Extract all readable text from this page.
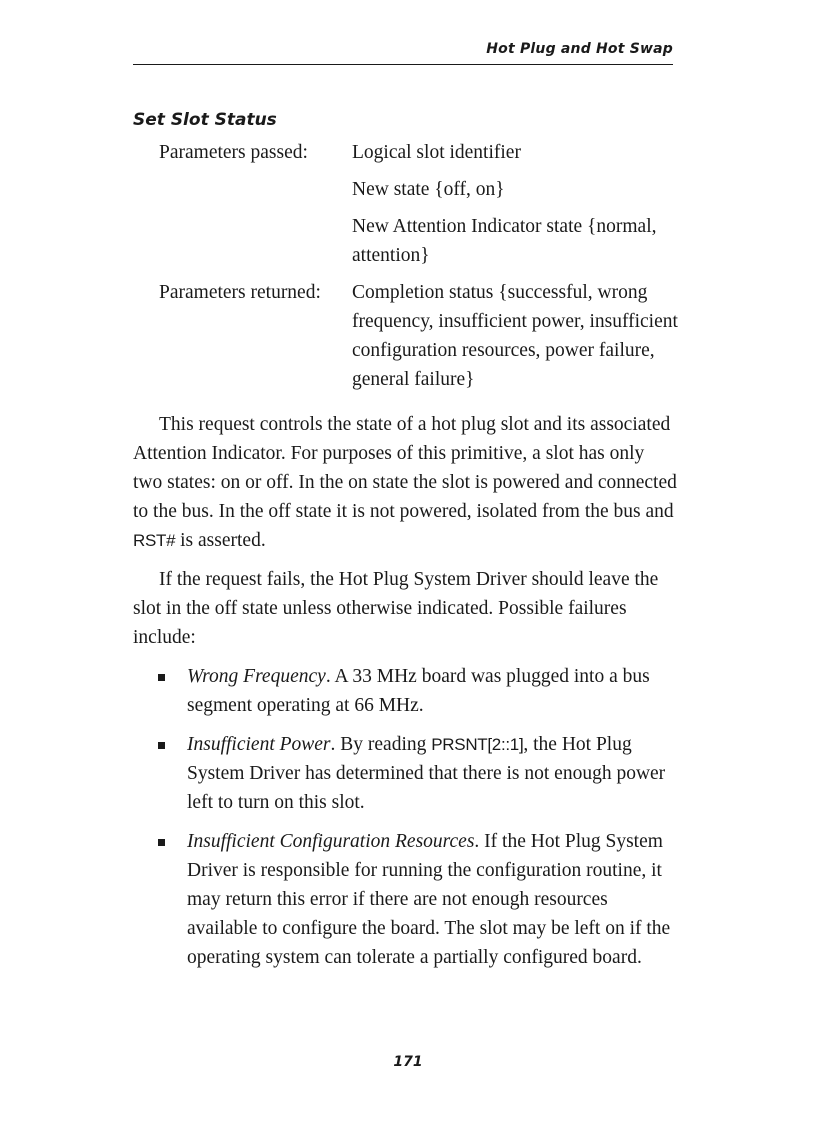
Hot Plug and Hot Swap
Set Slot Status
Parameters passed:	Logical slot identifier
New state {off, on}
New Attention Indicator state {normal, attention}
Parameters returned:	Completion status {successful, wrong frequency, insufficient power, insufficient configuration resources, power failure, general failure}

This request controls the state of a hot plug slot and its associated Attention Indicator. For purposes of this primitive, a slot has only two states: on or off. In the on state the slot is powered and connected to the bus. In the off state it is not powered, isolated from the bus and RST# is asserted.

If the request fails, the Hot Plug System Driver should leave the slot in the off state unless otherwise indicated. Possible failures include:

Wrong Frequency. A 33 MHz board was plugged into a bus segment operating at 66 MHz.
Insufficient Power. By reading PRSNT[2::1], the Hot Plug System Driver has determined that there is not enough power left to turn on this slot.
Insufficient Configuration Resources. If the Hot Plug System Driver is responsible for running the configuration routine, it may return this error if there are not enough resources available to configure the board. The slot may be left on if the operating system can tolerate a partially configured board.
171
